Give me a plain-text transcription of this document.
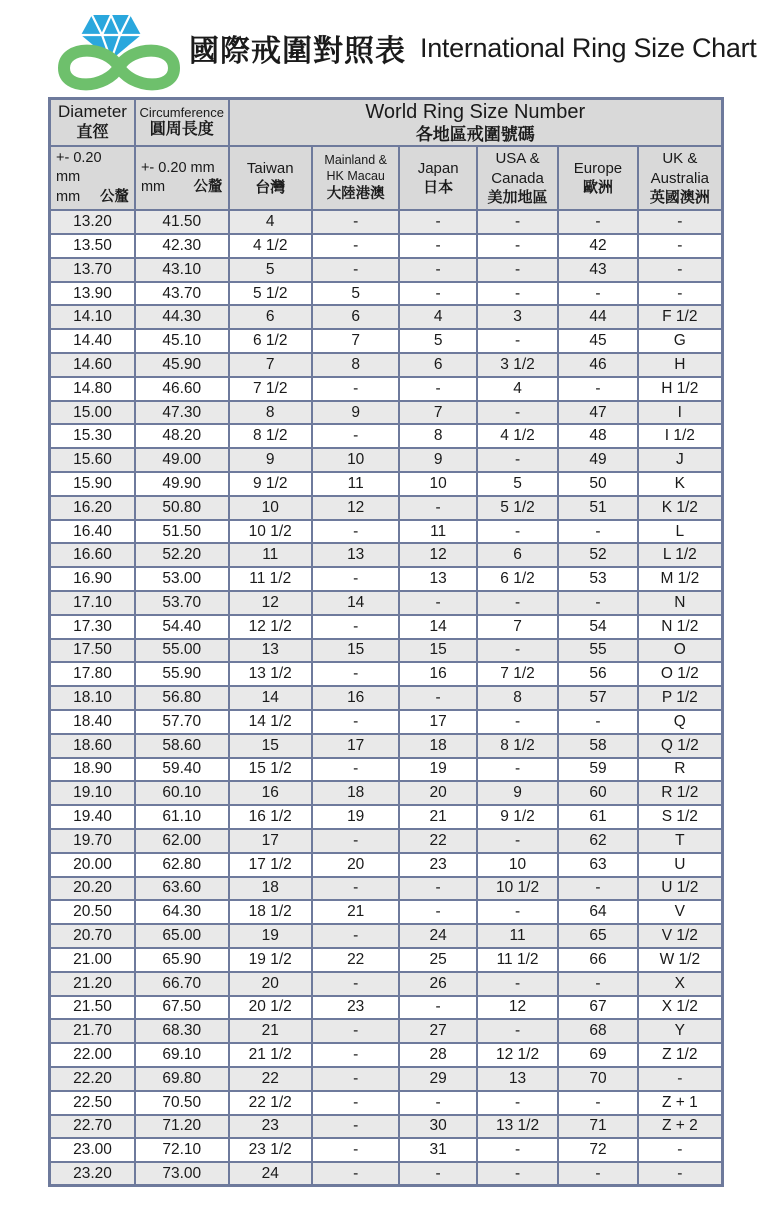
國際戒圍對照表 International Ring Size Chart
Diameter
直徑

Circumference
圓周長度

World Ring Size Number
各地區戒圍號碼

+- 0.20 mm
mm 公釐

+- 0.20 mm
mm 公釐

Taiwan
台灣

Mainland &
HK Macau
大陸港澳

Japan
日本

USA &
Canada
美加地區

Europe
歐洲

UK &
Australia
英國澳洲

13.20	41.50	4	-	-	-	-	-
13.50	42.30	4 1/2	-	-	-	42	-
13.70	43.10	5	-	-	-	43	-
13.90	43.70	5 1/2	5	-	-	-	-
14.10	44.30	6	6	4	3	44	F 1/2
14.40	45.10	6 1/2	7	5	-	45	G
14.60	45.90	7	8	6	3 1/2	46	H
14.80	46.60	7 1/2	-	-	4	-	H 1/2
15.00	47.30	8	9	7	-	47	I
15.30	48.20	8 1/2	-	8	4 1/2	48	I 1/2
15.60	49.00	9	10	9	-	49	J
15.90	49.90	9 1/2	11	10	5	50	K
16.20	50.80	10	12	-	5 1/2	51	K 1/2
16.40	51.50	10 1/2	-	11	-	-	L
16.60	52.20	11	13	12	6	52	L 1/2
16.90	53.00	11 1/2	-	13	6 1/2	53	M 1/2
17.10	53.70	12	14	-	-	-	N
17.30	54.40	12 1/2	-	14	7	54	N 1/2
17.50	55.00	13	15	15	-	55	O
17.80	55.90	13 1/2	-	16	7 1/2	56	O 1/2
18.10	56.80	14	16	-	8	57	P 1/2
18.40	57.70	14 1/2	-	17	-	-	Q
18.60	58.60	15	17	18	8 1/2	58	Q 1/2
18.90	59.40	15 1/2	-	19	-	59	R
19.10	60.10	16	18	20	9	60	R 1/2
19.40	61.10	16 1/2	19	21	9 1/2	61	S 1/2
19.70	62.00	17	-	22	-	62	T
20.00	62.80	17 1/2	20	23	10	63	U
20.20	63.60	18	-	-	10 1/2	-	U 1/2
20.50	64.30	18 1/2	21	-	-	64	V
20.70	65.00	19	-	24	11	65	V 1/2
21.00	65.90	19 1/2	22	25	11 1/2	66	W 1/2
21.20	66.70	20	-	26	-	-	X
21.50	67.50	20 1/2	23	-	12	67	X 1/2
21.70	68.30	21	-	27	-	68	Y
22.00	69.10	21 1/2	-	28	12 1/2	69	Z 1/2
22.20	69.80	22	-	29	13	70	-
22.50	70.50	22 1/2	-	-	-	-	Z + 1
22.70	71.20	23	-	30	13 1/2	71	Z + 2
23.00	72.10	23 1/2	-	31	-	72	-
23.20	73.00	24	-	-	-	-	-
